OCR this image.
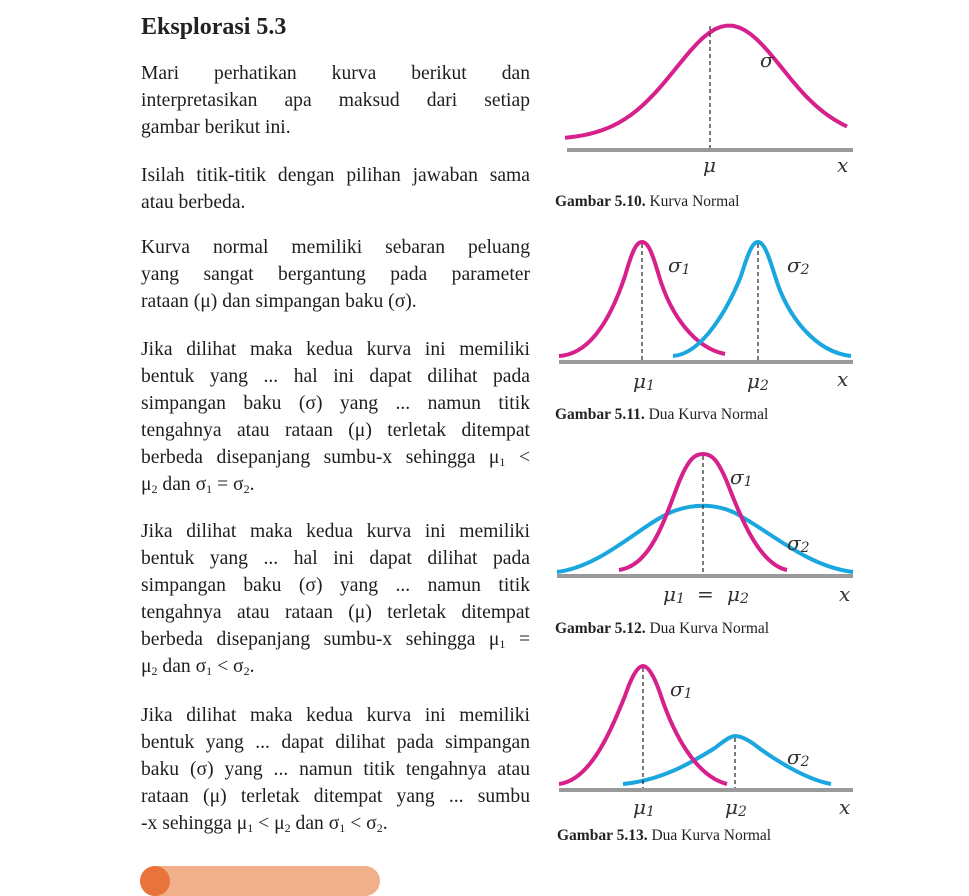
Eksplorasi 5.3

Mari perhatikan kurva berikut dan
interpretasikan apa maksud dari setiap
gambar berikut ini.

Isilah titik-titik dengan pilihan jawaban sama
atau berbeda.

Kurva normal memiliki sebaran peluang
yang sangat bergantung pada parameter
rataan (μ) dan simpangan baku (σ).

Jika dilihat maka kedua kurva ini memiliki
bentuk yang ... hal ini dapat dilihat pada
simpangan baku (σ) yang ... namun titik
tengahnya atau rataan (μ) terletak ditempat
berbeda disepanjang sumbu-x sehingga $\mu_1$ <
$\mu_2$ dan $\sigma_1 = \sigma_2$.

Jika dilihat maka kedua kurva ini memiliki
bentuk yang ... hal ini dapat dilihat pada
simpangan baku (σ) yang ... namun titik
tengahnya atau rataan (μ) terletak ditempat
berbeda disepanjang sumbu-x sehingga $\mu_1$ =
$\mu_2$ dan $\sigma_1 < \sigma_2$.

Jika dilihat maka kedua kurva ini memiliki
bentuk yang ... dapat dilihat pada simpangan
baku (σ) yang ... namun titik tengahnya atau
rataan (μ) terletak ditempat yang ... sumbu
-x sehingga $\mu_1 < \mu_2$ dan $\sigma_1 < \sigma_2$.

σ
μ	x
Gambar 5.10. Kurva Normal
σ1	σ2
μ1	μ2	x
Gambar 5.11. Dua Kurva Normal
σ1
σ2
μ1 = μ2	x
Gambar 5.12. Dua Kurva Normal
σ1
σ2
μ1	μ2	x
Gambar 5.13. Dua Kurva Normal
